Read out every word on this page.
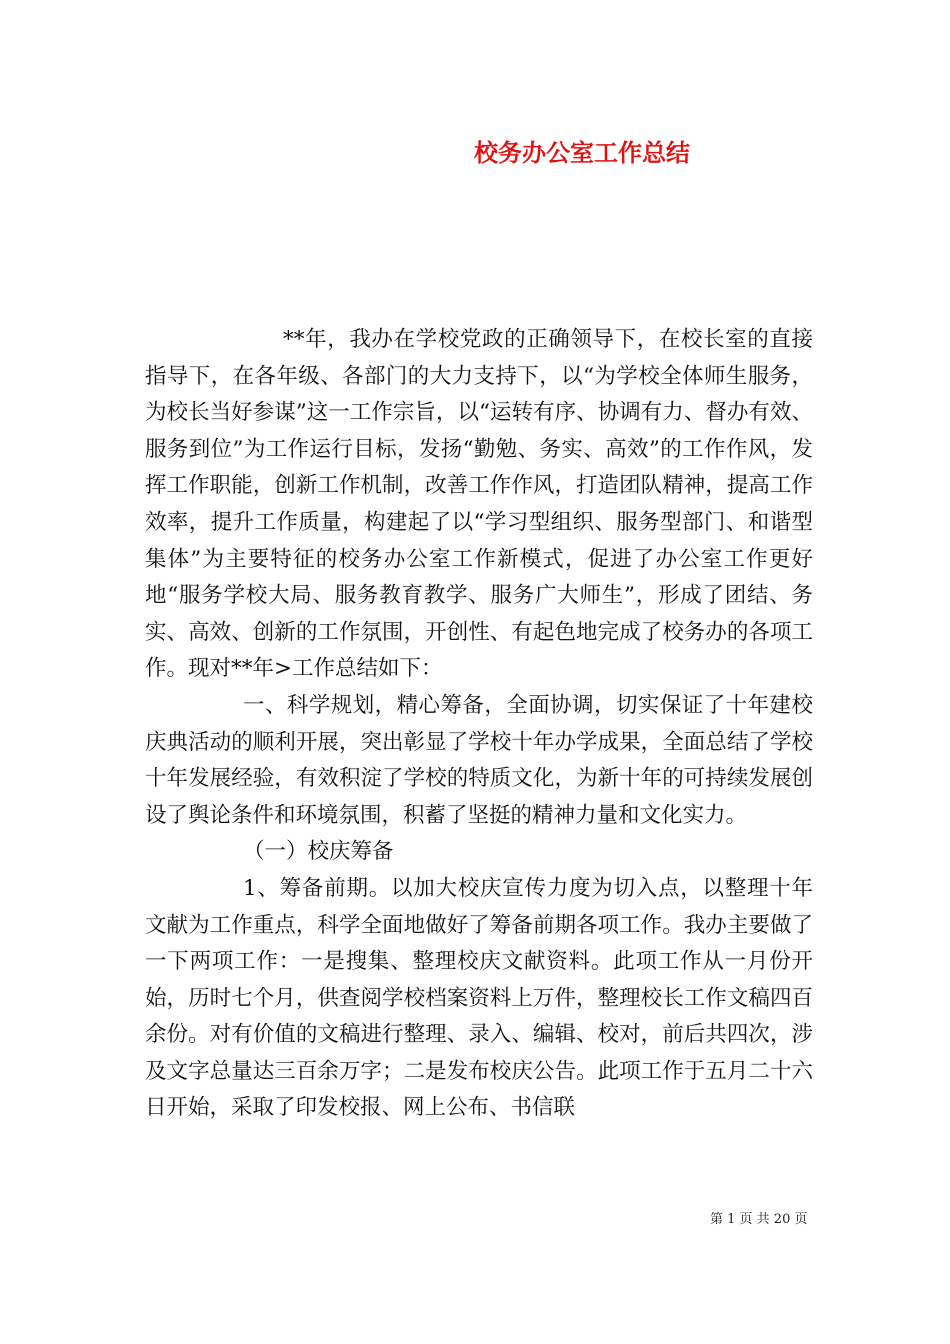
校务办公室工作总结

**年，我办在学校党政的正确领导下，在校长室的直接指导下，在各年级、各部门的大力支持下，以“为学校全体师生服务，为校长当好参谋”这一工作宗旨，以“运转有序、协调有力、督办有效、服务到位”为工作运行目标，发扬“勤勉、务实、高效”的工作作风，发挥工作职能，创新工作机制，改善工作作风，打造团队精神，提高工作效率，提升工作质量，构建起了以“学习型组织、服务型部门、和谐型集体”为主要特征的校务办公室工作新模式，促进了办公室工作更好地“服务学校大局、服务教育教学、服务广大师生”，形成了团结、务实、高效、创新的工作氛围，开创性、有起色地完成了校务办的各项工作。现对**年>工作总结如下：

一、科学规划，精心筹备，全面协调，切实保证了十年建校庆典活动的顺利开展，突出彰显了学校十年办学成果，全面总结了学校十年发展经验，有效积淀了学校的特质文化，为新十年的可持续发展创设了舆论条件和环境氛围，积蓄了坚挺的精神力量和文化实力。

（一）校庆筹备

1、筹备前期。以加大校庆宣传力度为切入点，以整理十年文献为工作重点，科学全面地做好了筹备前期各项工作。我办主要做了一下两项工作：一是搜集、整理校庆文献资料。此项工作从一月份开始，历时七个月，供查阅学校档案资料上万件，整理校长工作文稿四百余份。对有价值的文稿进行整理、录入、编辑、校对，前后共四次，涉及文字总量达三百余万字；二是发布校庆公告。此项工作于五月二十六日开始，采取了印发校报、网上公布、书信联

第 1 页 共 20 页
